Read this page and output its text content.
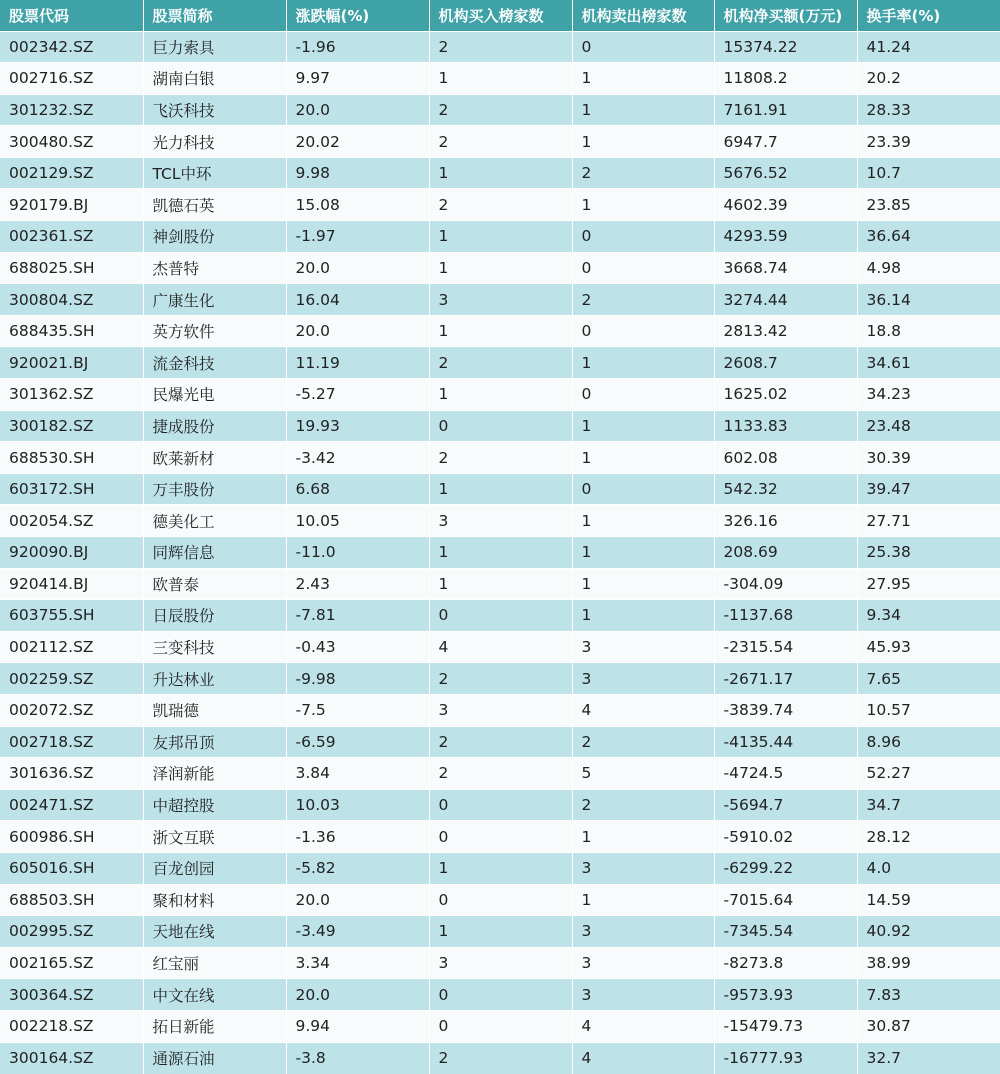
股票代码	股票简称	涨跌幅(%)	机构买入榜家数	机构卖出榜家数	机构净买额(万元)	换手率(%)
002342.SZ	巨力索具	-1.96	2	0	15374.22	41.24
002716.SZ	湖南白银	9.97	1	1	11808.2	20.2
301232.SZ	飞沃科技	20.0	2	1	7161.91	28.33
300480.SZ	光力科技	20.02	2	1	6947.7	23.39
002129.SZ	TCL中环	9.98	1	2	5676.52	10.7
920179.BJ	凯德石英	15.08	2	1	4602.39	23.85
002361.SZ	神剑股份	-1.97	1	0	4293.59	36.64
688025.SH	杰普特	20.0	1	0	3668.74	4.98
300804.SZ	广康生化	16.04	3	2	3274.44	36.14
688435.SH	英方软件	20.0	1	0	2813.42	18.8
920021.BJ	流金科技	11.19	2	1	2608.7	34.61
301362.SZ	民爆光电	-5.27	1	0	1625.02	34.23
300182.SZ	捷成股份	19.93	0	1	1133.83	23.48
688530.SH	欧莱新材	-3.42	2	1	602.08	30.39
603172.SH	万丰股份	6.68	1	0	542.32	39.47
002054.SZ	德美化工	10.05	3	1	326.16	27.71
920090.BJ	同辉信息	-11.0	1	1	208.69	25.38
920414.BJ	欧普泰	2.43	1	1	-304.09	27.95
603755.SH	日辰股份	-7.81	0	1	-1137.68	9.34
002112.SZ	三变科技	-0.43	4	3	-2315.54	45.93
002259.SZ	升达林业	-9.98	2	3	-2671.17	7.65
002072.SZ	凯瑞德	-7.5	3	4	-3839.74	10.57
002718.SZ	友邦吊顶	-6.59	2	2	-4135.44	8.96
301636.SZ	泽润新能	3.84	2	5	-4724.5	52.27
002471.SZ	中超控股	10.03	0	2	-5694.7	34.7
600986.SH	浙文互联	-1.36	0	1	-5910.02	28.12
605016.SH	百龙创园	-5.82	1	3	-6299.22	4.0
688503.SH	聚和材料	20.0	0	1	-7015.64	14.59
002995.SZ	天地在线	-3.49	1	3	-7345.54	40.92
002165.SZ	红宝丽	3.34	3	3	-8273.8	38.99
300364.SZ	中文在线	20.0	0	3	-9573.93	7.83
002218.SZ	拓日新能	9.94	0	4	-15479.73	30.87
300164.SZ	通源石油	-3.8	2	4	-16777.93	32.7
